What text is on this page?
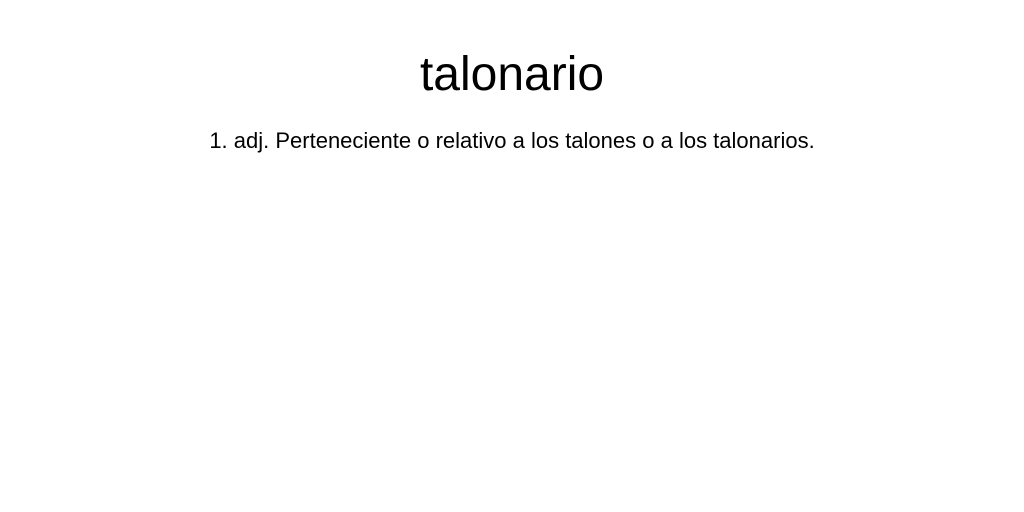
talonario

1. adj. Perteneciente o relativo a los talones o a los talonarios.
